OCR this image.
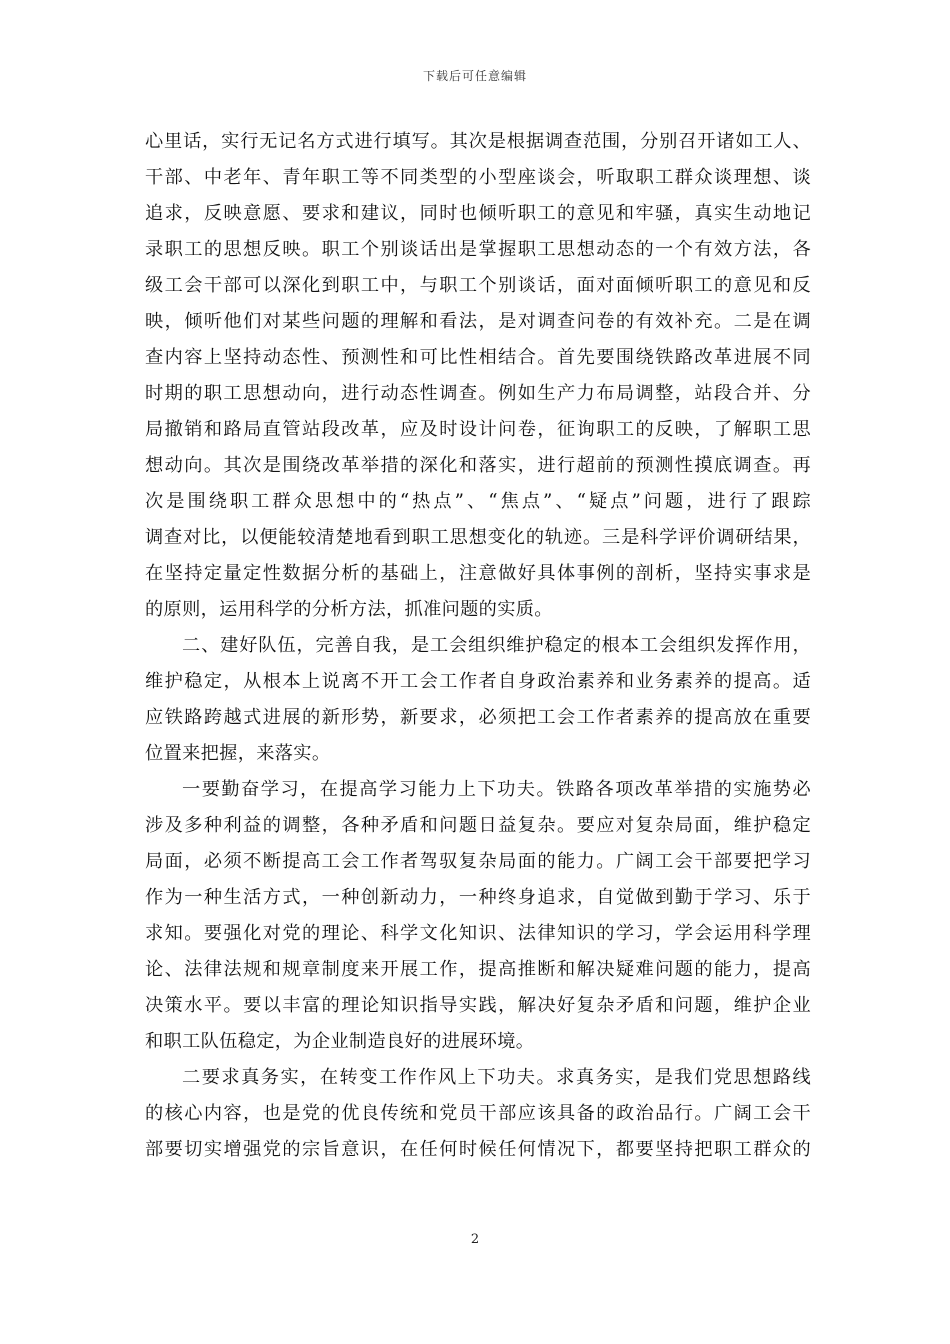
下载后可任意编辑
心里话，实行无记名方式进行填写。其次是根据调查范围，分别召开诸如工人、
干部、中老年、青年职工等不同类型的小型座谈会，听取职工群众谈理想、谈
追求，反映意愿、要求和建议，同时也倾听职工的意见和牢骚，真实生动地记
录职工的思想反映。职工个别谈话出是掌握职工思想动态的一个有效方法，各
级工会干部可以深化到职工中，与职工个别谈话，面对面倾听职工的意见和反
映，倾听他们对某些问题的理解和看法，是对调查问卷的有效补充。二是在调
查内容上坚持动态性、预测性和可比性相结合。首先要围绕铁路改革进展不同
时期的职工思想动向，进行动态性调查。例如生产力布局调整，站段合并、分
局撤销和路局直管站段改革，应及时设计问卷，征询职工的反映，了解职工思
想动向。其次是围绕改革举措的深化和落实，进行超前的预测性摸底调查。再
次是围绕职工群众思想中的“热点”、“焦点”、“疑点”问题，进行了跟踪
调查对比，以便能较清楚地看到职工思想变化的轨迹。三是科学评价调研结果，
在坚持定量定性数据分析的基础上，注意做好具体事例的剖析，坚持实事求是
的原则，运用科学的分析方法，抓准问题的实质。
二、建好队伍，完善自我，是工会组织维护稳定的根本工会组织发挥作用，
维护稳定，从根本上说离不开工会工作者自身政治素养和业务素养的提高。适
应铁路跨越式进展的新形势，新要求，必须把工会工作者素养的提高放在重要
位置来把握，来落实。
一要勤奋学习，在提高学习能力上下功夫。铁路各项改革举措的实施势必
涉及多种利益的调整，各种矛盾和问题日益复杂。要应对复杂局面，维护稳定
局面，必须不断提高工会工作者驾驭复杂局面的能力。广阔工会干部要把学习
作为一种生活方式，一种创新动力，一种终身追求，自觉做到勤于学习、乐于
求知。要强化对党的理论、科学文化知识、法律知识的学习，学会运用科学理
论、法律法规和规章制度来开展工作，提高推断和解决疑难问题的能力，提高
决策水平。要以丰富的理论知识指导实践，解决好复杂矛盾和问题，维护企业
和职工队伍稳定，为企业制造良好的进展环境。
二要求真务实，在转变工作作风上下功夫。求真务实，是我们党思想路线
的核心内容，也是党的优良传统和党员干部应该具备的政治品行。广阔工会干
部要切实增强党的宗旨意识，在任何时候任何情况下，都要坚持把职工群众的
2
